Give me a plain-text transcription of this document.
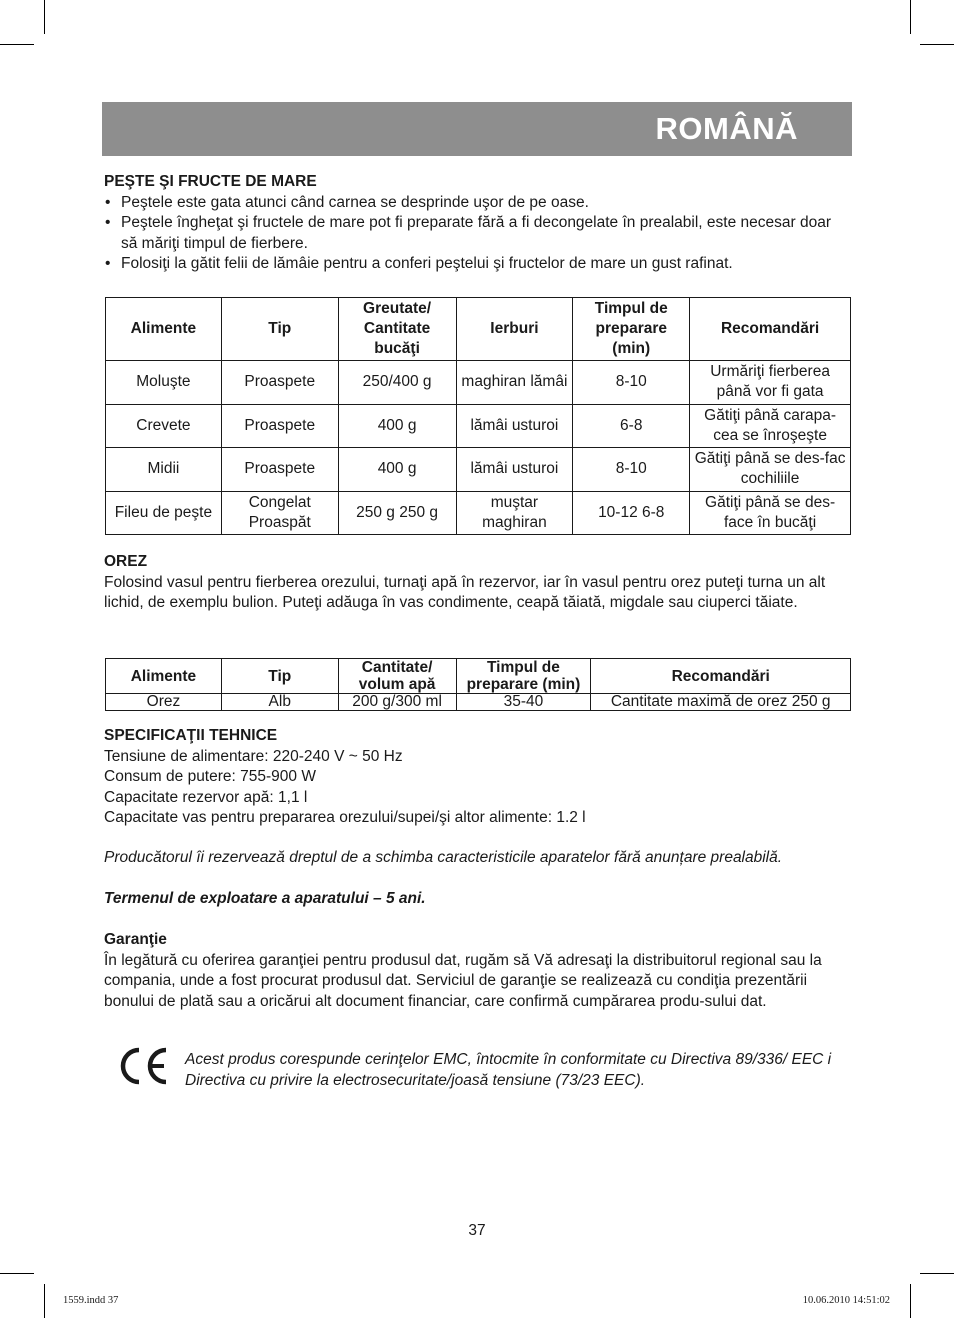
ROMÂNĂ
PEŞTE ŞI FRUCTE DE MARE
• Peştele este gata atunci când carnea se desprinde uşor de pe oase.
• Peştele îngheţat şi fructele de mare pot fi preparate fără a fi decongelate în prealabil, este necesar doar să măriţi timpul de fierbere.
• Folosiţi la gătit felii de lămâie pentru a conferi peştelui şi fructelor de mare un gust rafinat.
Alimente	Tip	Greutate/ Cantitate bucăţi	Ierburi	Timpul de preparare (min)	Recomandări
Moluşte	Proaspete	250/400 g	maghiran lămâi	8-10	Urmăriţi fierberea până vor fi gata
Crevete	Proaspete	400 g	lămâi usturoi	6-8	Gătiţi până carapa-cea se înroşeşte
Midii	Proaspete	400 g	lămâi usturoi	8-10	Gătiţi până se des-fac cochiliile
Fileu de peşte	Congelat Proaspăt	250 g 250 g	muştar maghiran	10-12 6-8	Gătiţi până se des-face în bucăţi
OREZ

Folosind vasul pentru fierberea orezului, turnaţi apă în rezervor, iar în vasul pentru orez puteţi turna un alt lichid, de exemplu bulion. Puteţi adăuga în vas condimente, ceapă tăiată, migdale sau ciuperci tăiate.

Alimente	Tip	Cantitate/ volum apă	Timpul de preparare (min)	Recomandări
Orez	Alb	200 g/300 ml	35-40	Cantitate maximă de orez 250 g
SPECIFICAŢII TEHNICE
Tensiune de alimentare: 220-240 V ~ 50 Hz
Consum de putere: 755-900 W
Capacitate rezervor apă: 1,1 l
Capacitate vas pentru prepararea orezului/supei/şi altor alimente: 1.2 l
Producătorul îi rezervează dreptul de a schimba caracteristicile aparatelor fără anunțare prealabilă.
Termenul de exploatare a aparatului – 5 ani.
Garanţie

În legătură cu oferirea garanţiei pentru produsul dat, rugăm să Vă adresaţi la distribuitorul regional sau la compania, unde a fost procurat produsul dat. Serviciul de garanţie se realizează cu condiţia prezentării bonului de plată sau a oricărui alt document financiar, care confirmă cumpărarea produ-sului dat.

Acest produs corespunde cerinţelor EMC, întocmite în conformitate cu Directiva 89/336/ EEC i Directiva cu privire la electrosecuritate/joasă tensiune (73/23 EEC).
37
1559.indd 37	10.06.2010 14:51:02
